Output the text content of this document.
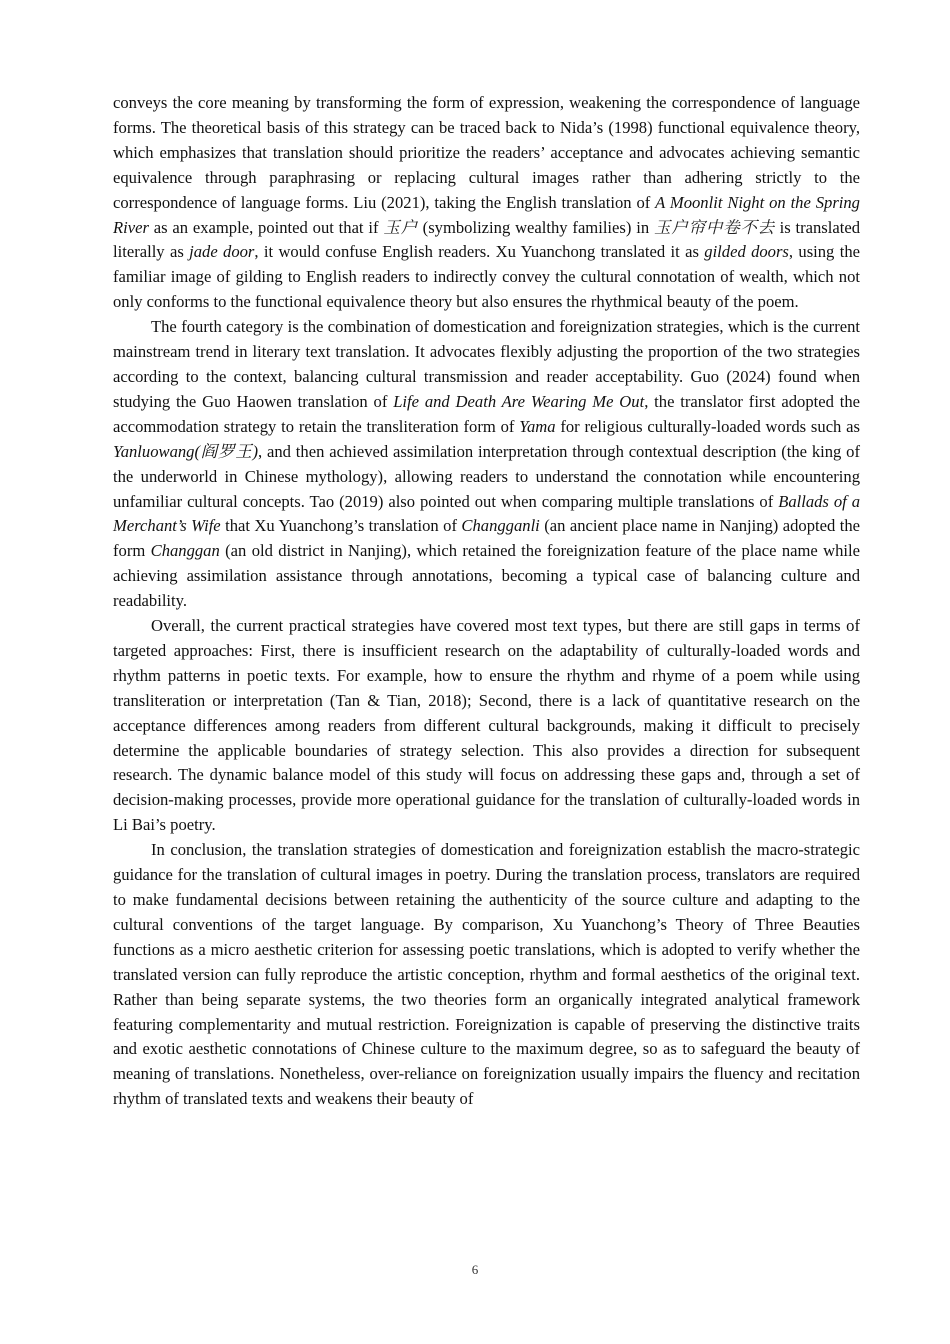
conveys the core meaning by transforming the form of expression, weakening the correspondence of language forms. The theoretical basis of this strategy can be traced back to Nida’s (1998) functional equivalence theory, which emphasizes that translation should prioritize the readers’ acceptance and advocates achieving semantic equivalence through paraphrasing or replacing cultural images rather than adhering strictly to the correspondence of language forms. Liu (2021), taking the English translation of A Moonlit Night on the Spring River as an example, pointed out that if 玉户 (symbolizing wealthy families) in 玉户帘中卷不去 is translated literally as jade door, it would confuse English readers. Xu Yuanchong translated it as gilded doors, using the familiar image of gilding to English readers to indirectly convey the cultural connotation of wealth, which not only conforms to the functional equivalence theory but also ensures the rhythmical beauty of the poem.

The fourth category is the combination of domestication and foreignization strategies, which is the current mainstream trend in literary text translation. It advocates flexibly adjusting the proportion of the two strategies according to the context, balancing cultural transmission and reader acceptability. Guo (2024) found when studying the Guo Haowen translation of Life and Death Are Wearing Me Out, the translator first adopted the accommodation strategy to retain the transliteration form of Yama for religious culturally-loaded words such as Yanluowang(阎罗王), and then achieved assimilation interpretation through contextual description (the king of the underworld in Chinese mythology), allowing readers to understand the connotation while encountering unfamiliar cultural concepts. Tao (2019) also pointed out when comparing multiple translations of Ballads of a Merchant’s Wife that Xu Yuanchong’s translation of Changganli (an ancient place name in Nanjing) adopted the form Changgan (an old district in Nanjing), which retained the foreignization feature of the place name while achieving assimilation assistance through annotations, becoming a typical case of balancing culture and readability.

Overall, the current practical strategies have covered most text types, but there are still gaps in terms of targeted approaches: First, there is insufficient research on the adaptability of culturally-loaded words and rhythm patterns in poetic texts. For example, how to ensure the rhythm and rhyme of a poem while using transliteration or interpretation (Tan & Tian, 2018); Second, there is a lack of quantitative research on the acceptance differences among readers from different cultural backgrounds, making it difficult to precisely determine the applicable boundaries of strategy selection. This also provides a direction for subsequent research. The dynamic balance model of this study will focus on addressing these gaps and, through a set of decision-making processes, provide more operational guidance for the translation of culturally-loaded words in Li Bai’s poetry.

In conclusion, the translation strategies of domestication and foreignization establish the macro-strategic guidance for the translation of cultural images in poetry. During the translation process, translators are required to make fundamental decisions between retaining the authenticity of the source culture and adapting to the cultural conventions of the target language. By comparison, Xu Yuanchong’s Theory of Three Beauties functions as a micro aesthetic criterion for assessing poetic translations, which is adopted to verify whether the translated version can fully reproduce the artistic conception, rhythm and formal aesthetics of the original text. Rather than being separate systems, the two theories form an organically integrated analytical framework featuring complementarity and mutual restriction. Foreignization is capable of preserving the distinctive traits and exotic aesthetic connotations of Chinese culture to the maximum degree, so as to safeguard the beauty of meaning of translations. Nonetheless, over-reliance on foreignization usually impairs the fluency and recitation rhythm of translated texts and weakens their beauty of

6
